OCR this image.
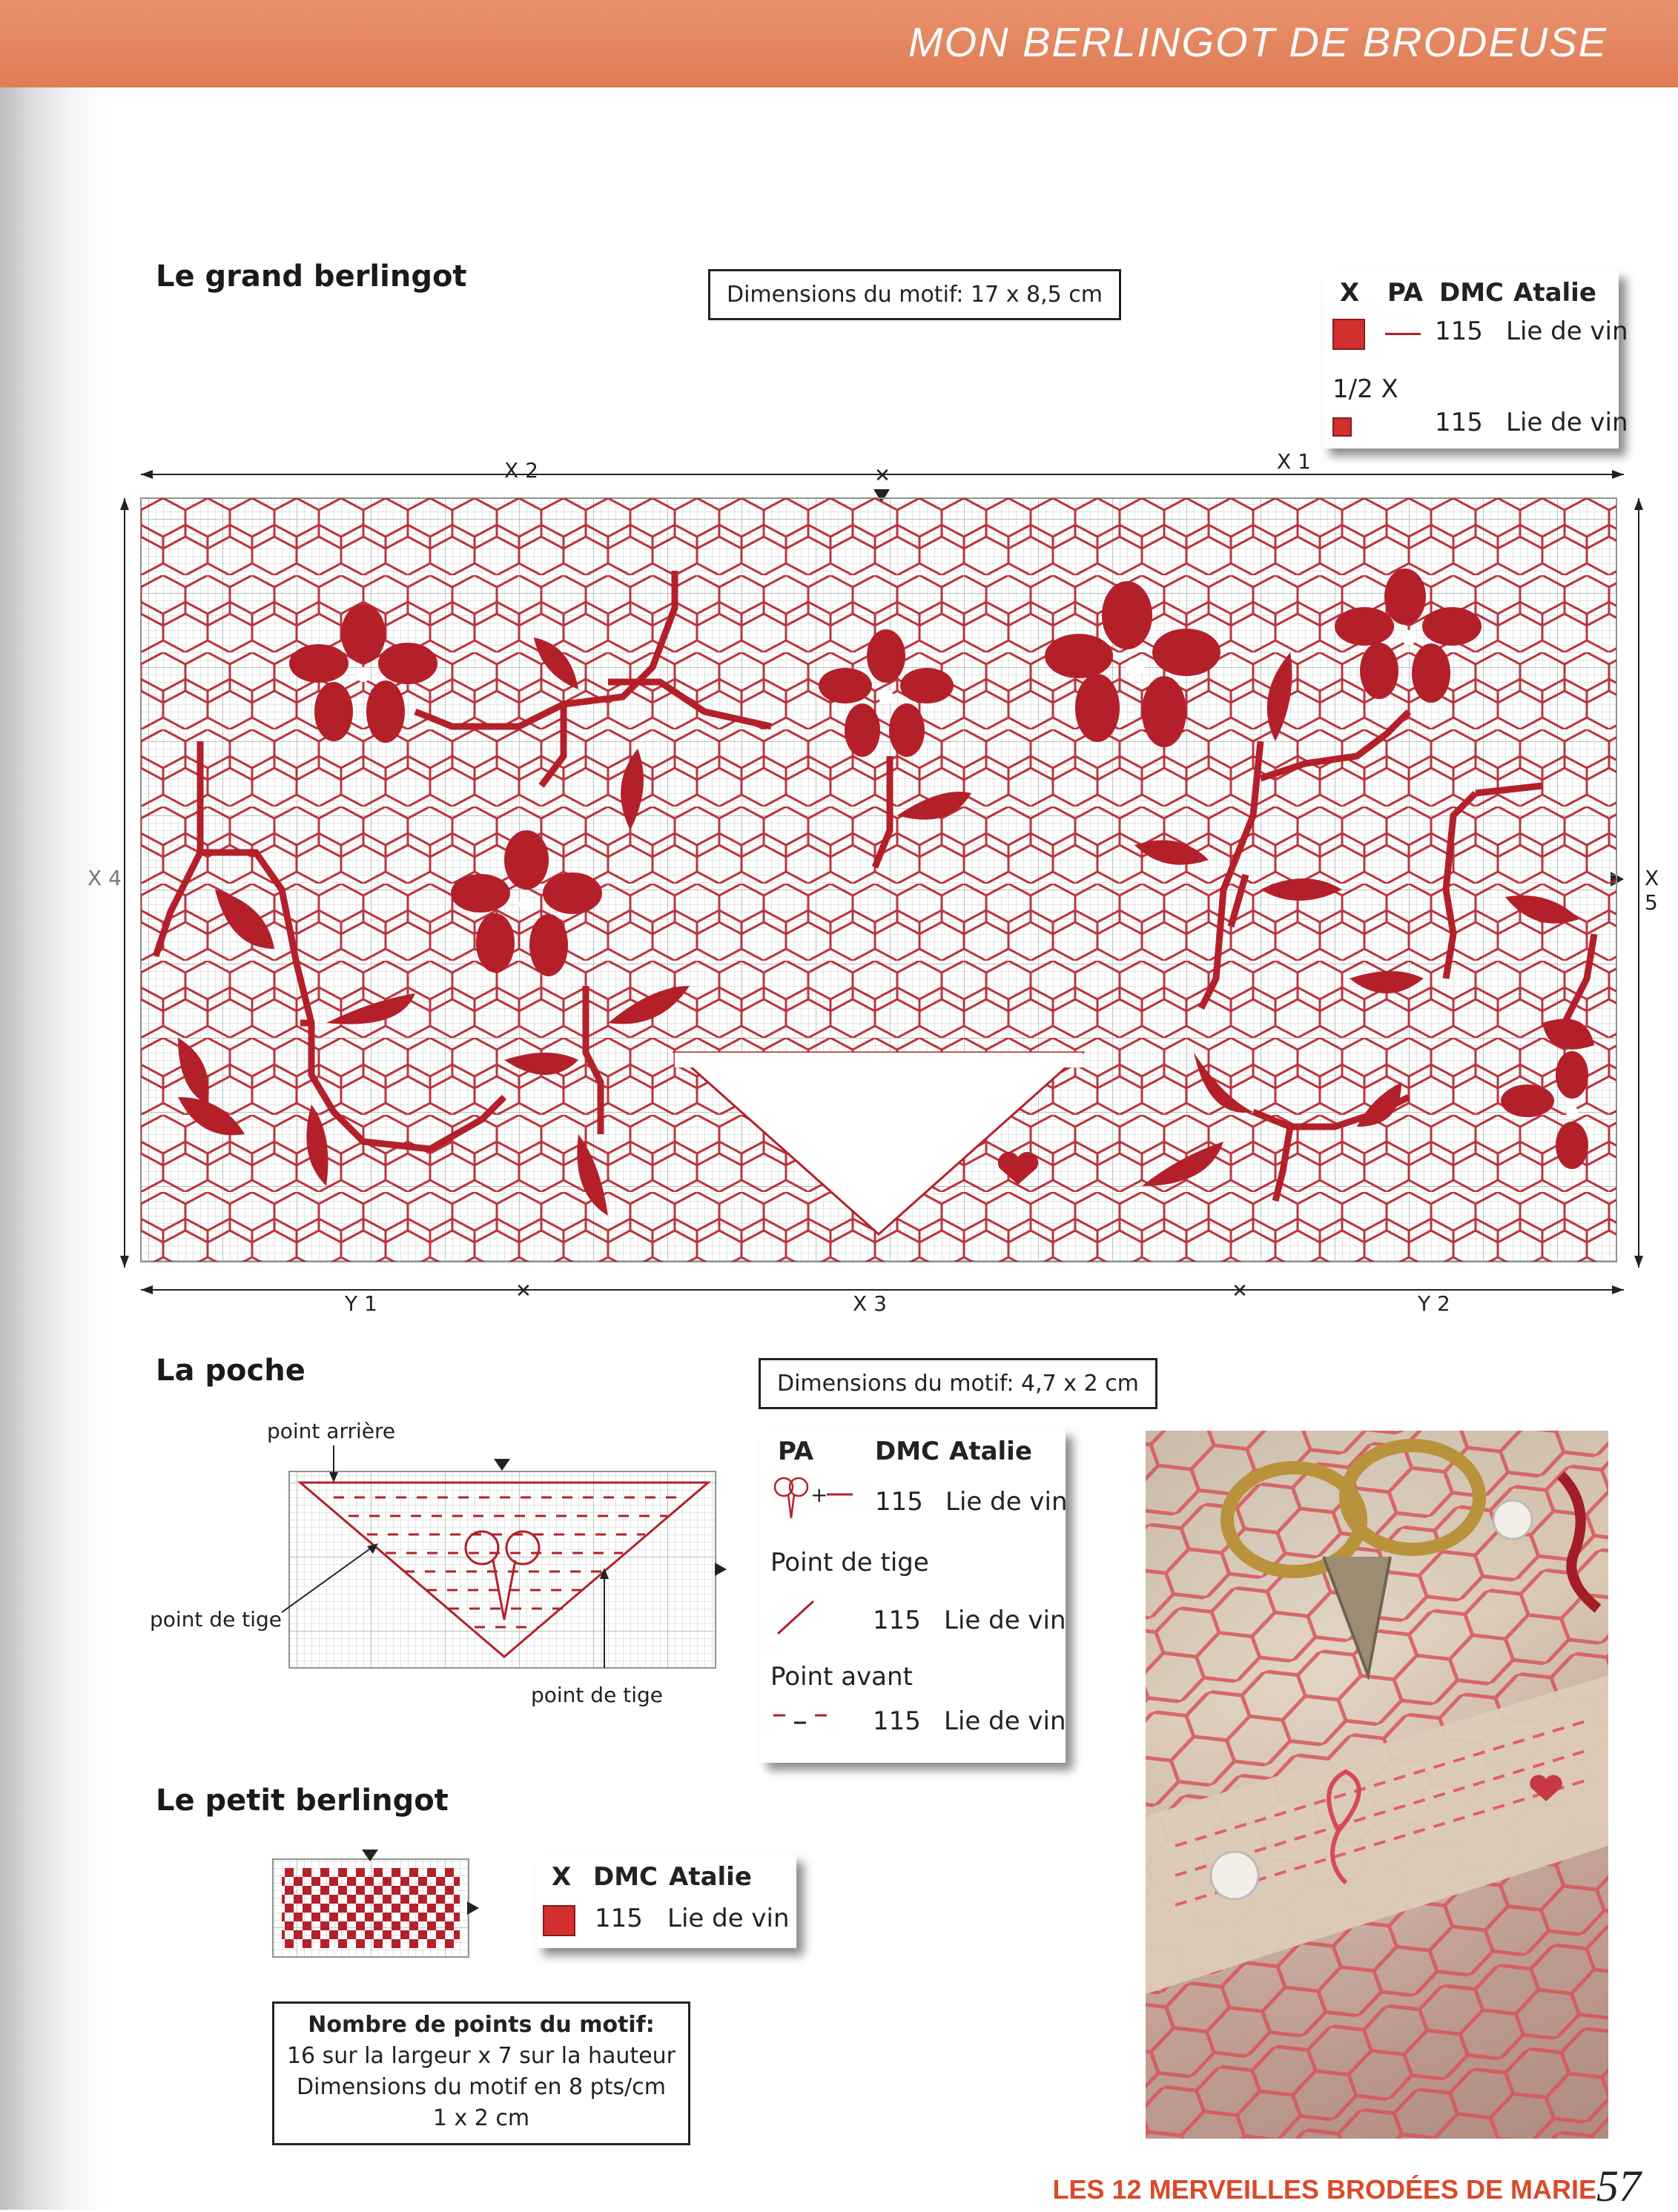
MON BERLINGOT DE BRODEUSE
Le grand berlingot
Dimensions du motif: 17 x 8,5 cm	X PA DMC Atalie
115 Lie de vin
1/2 X
115 Lie de vin
✕
✕	✕
X 2	X 1
X 4	X 5
Y 1	X 3	Y 2
La poche	Dimensions du motif: 4,7 x 2 cm
point arrière
point de tige
point de tige
PA DMC Atalie
+ 115 Lie de vin
Point de tige
115 Lie de vin
Point avant
115 Lie de vin
Le petit berlingot
X DMC Atalie
115 Lie de vin
Nombre de points du motif:
16 sur la largeur x 7 sur la hauteur
Dimensions du motif en 8 pts/cm
1 x 2 cm
LES 12 MERVEILLES BRODÉES DE MARIE 57
